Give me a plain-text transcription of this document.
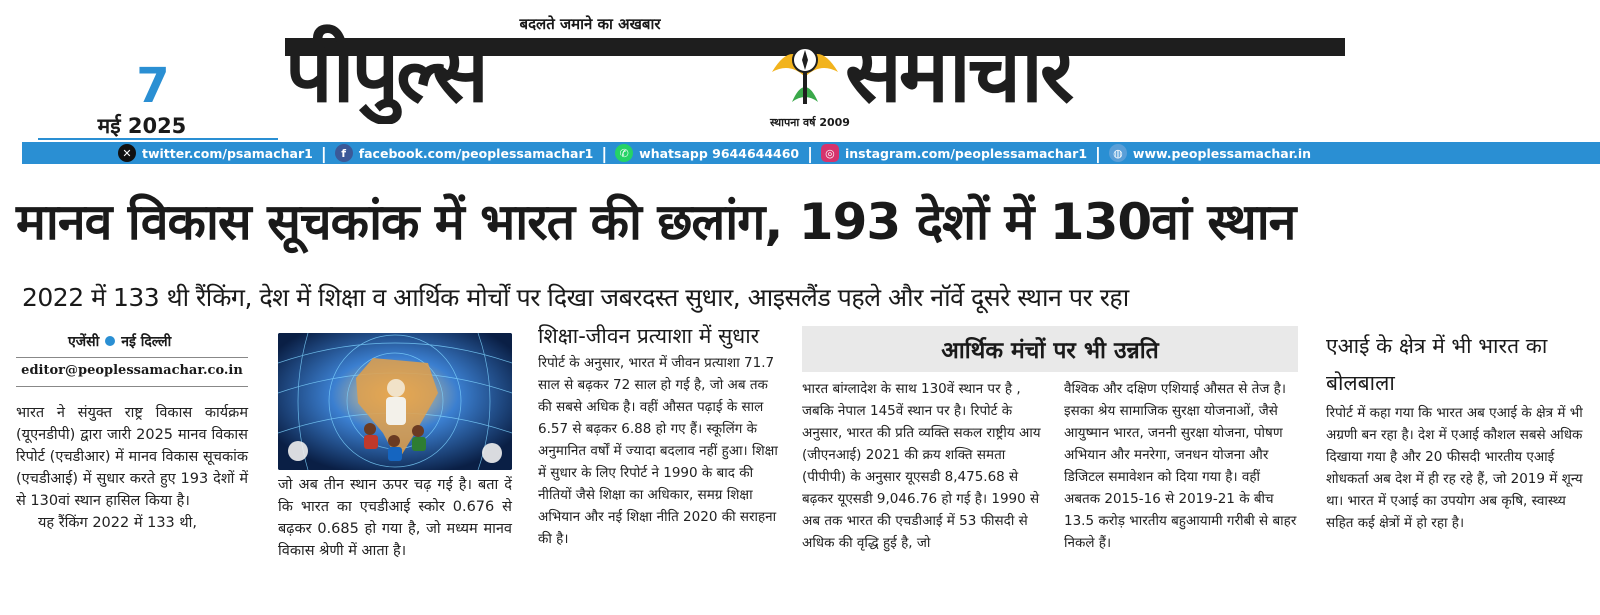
7
मई 2025
बदलते जमाने का अखबार
पीपुल्स	समाचार
स्थापना वर्ष 2009
✕ twitter.com/psamachar1 |	f	facebook.com/peoplessamachar1 |	✆ whatsapp 9644644460 |	◎ instagram.com/peoplessamachar1 |	◍ www.peoplessamachar.in
मानव विकास सूचकांक में भारत की छलांग, 193 देशों में 130वां स्थान
2022 में 133 थी रैंकिंग, देश में शिक्षा व आर्थिक मोर्चों पर दिखा जबरदस्त सुधार, आइसलैंड पहले और नॉर्वे दूसरे स्थान पर रहा
एजेंसी नई दिल्ली
editor@peoplessamachar.co.in
भारत ने संयुक्त राष्ट्र विकास कार्यक्रम (यूएनडीपी) द्वारा जारी 2025 मानव विकास रिपोर्ट (एचडीआर) में मानव विकास सूचकांक (एचडीआई) में सुधार करते हुए 193 देशों में से 130वां स्थान हासिल किया है।
यह रैंकिंग 2022 में 133 थी,
जो अब तीन स्थान ऊपर चढ़ गई है। बता दें कि भारत का एचडीआई स्कोर 0.676 से बढ़कर 0.685 हो गया है, जो मध्यम मानव विकास श्रेणी में आता है।
शिक्षा-जीवन प्रत्याशा में सुधार
रिपोर्ट के अनुसार, भारत में जीवन प्रत्याशा 71.7 साल से बढ़कर 72 साल हो गई है, जो अब तक की सबसे अधिक है। वहीं औसत पढ़ाई के साल 6.57 से बढ़कर 6.88 हो गए हैं। स्कूलिंग के अनुमानित वर्षों में ज्यादा बदलाव नहीं हुआ। शिक्षा में सुधार के लिए रिपोर्ट ने 1990 के बाद की नीतियों जैसे शिक्षा का अधिकार, समग्र शिक्षा अभियान और नई शिक्षा नीति 2020 की सराहना की है।
आर्थिक मंचों पर भी उन्नति
भारत बांग्लादेश के साथ 130वें स्थान पर है , जबकि नेपाल 145वें स्थान पर है। रिपोर्ट के अनुसार, भारत की प्रति व्यक्ति सकल राष्ट्रीय आय (जीएनआई) 2021 की क्रय शक्ति समता (पीपीपी) के अनुसार यूएसडी 8,475.68 से बढ़कर यूएसडी 9,046.76 हो गई है। 1990 से अब तक भारत की एचडीआई में 53 फीसदी से अधिक की वृद्धि हुई है, जो
वैश्विक और दक्षिण एशियाई औसत से तेज है। इसका श्रेय सामाजिक सुरक्षा योजनाओं, जैसे आयुष्मान भारत, जननी सुरक्षा योजना, पोषण अभियान और मनरेगा, जनधन योजना और डिजिटल समावेशन को दिया गया है। वहीं अबतक 2015-16 से 2019-21 के बीच 13.5 करोड़ भारतीय बहुआयामी गरीबी से बाहर निकले हैं।
एआई के क्षेत्र में भी भारत का बोलबाला
रिपोर्ट में कहा गया कि भारत अब एआई के क्षेत्र में भी अग्रणी बन रहा है। देश में एआई कौशल सबसे अधिक दिखाया गया है और 20 फीसदी भारतीय एआई शोधकर्ता अब देश में ही रह रहे हैं, जो 2019 में शून्य था। भारत में एआई का उपयोग अब कृषि, स्वास्थ्य सहित कई क्षेत्रों में हो रहा है।
